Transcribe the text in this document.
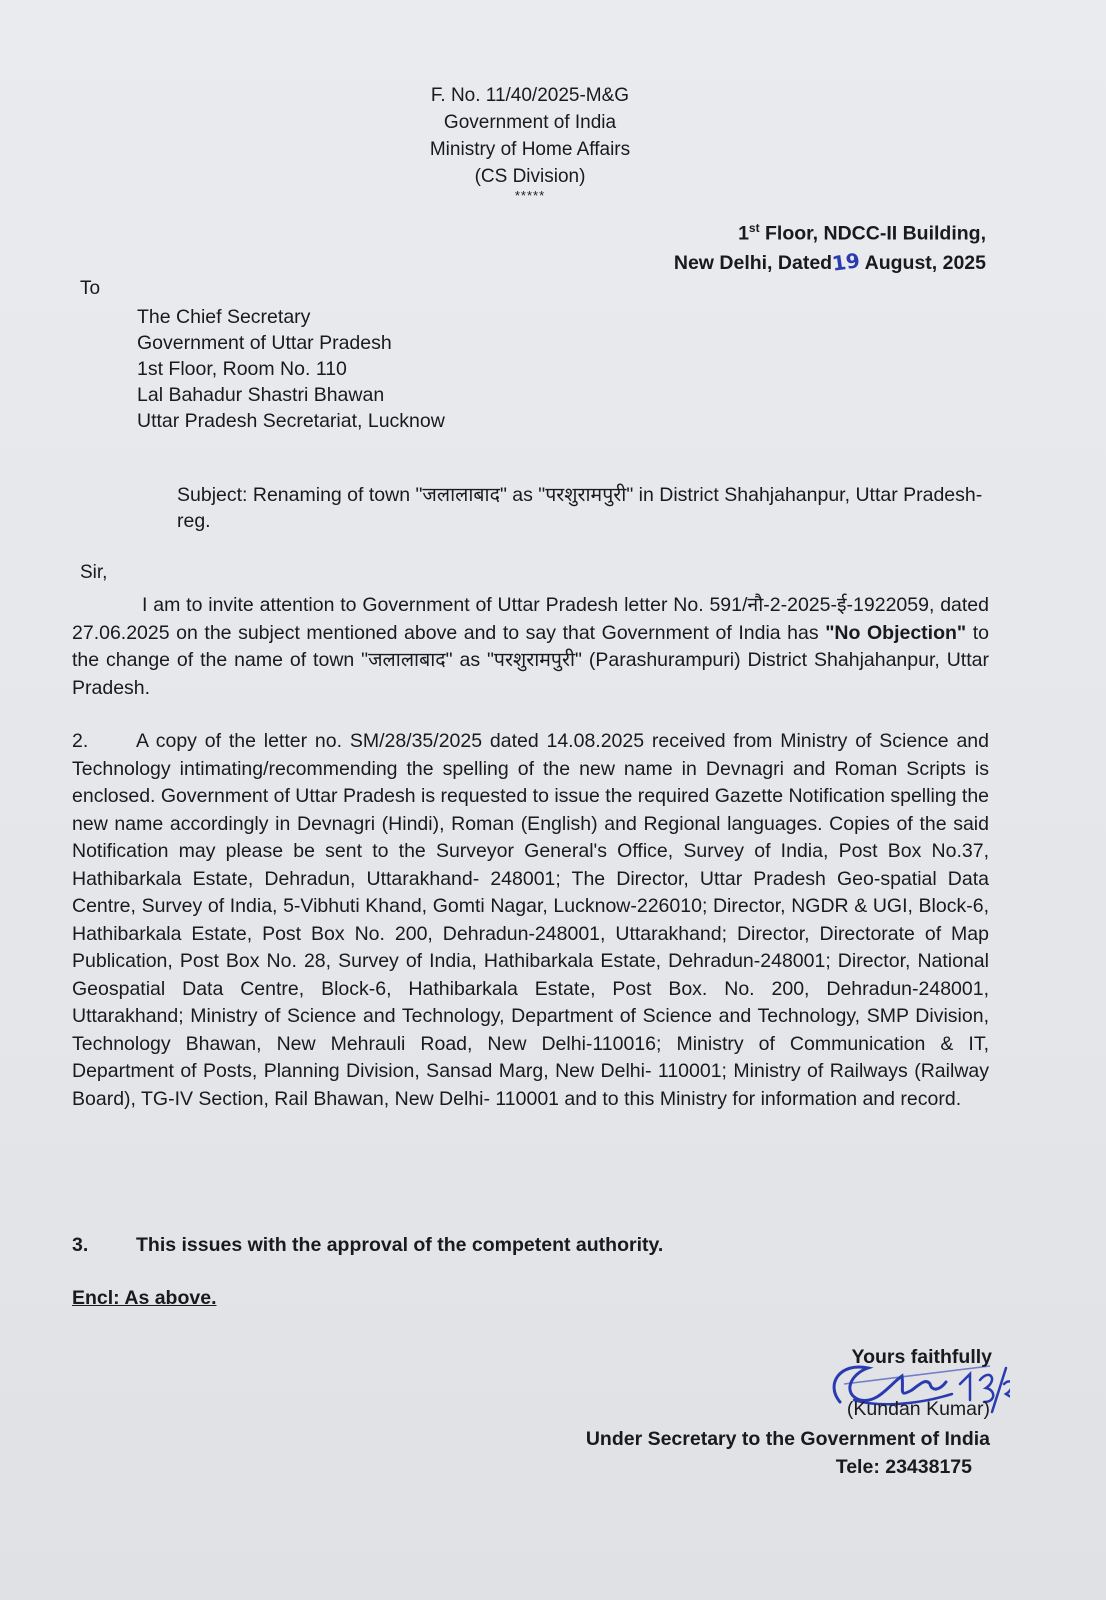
F. No. 11/40/2025-M&G
Government of India
Ministry of Home Affairs
(CS Division)
*****
1st Floor, NDCC-II Building,
New Delhi, Dated19 August, 2025
To
The Chief Secretary
Government of Uttar Pradesh
1st Floor, Room No. 110
Lal Bahadur Shastri Bhawan
Uttar Pradesh Secretariat, Lucknow
Subject: Renaming of town "जलालाबाद" as "परशुरामपुरी" in District Shahjahanpur, Uttar Pradesh-reg.
Sir,
I am to invite attention to Government of Uttar Pradesh letter No. 591/नौ-2-2025-ई-1922059, dated 27.06.2025 on the subject mentioned above and to say that Government of India has "No Objection" to the change of the name of town "जलालाबाद" as "परशुरामपुरी" (Parashurampuri) District Shahjahanpur, Uttar Pradesh.
2. A copy of the letter no. SM/28/35/2025 dated 14.08.2025 received from Ministry of Science and Technology intimating/recommending the spelling of the new name in Devnagri and Roman Scripts is enclosed. Government of Uttar Pradesh is requested to issue the required Gazette Notification spelling the new name accordingly in Devnagri (Hindi), Roman (English) and Regional languages. Copies of the said Notification may please be sent to the Surveyor General's Office, Survey of India, Post Box No.37, Hathibarkala Estate, Dehradun, Uttarakhand- 248001; The Director, Uttar Pradesh Geo-spatial Data Centre, Survey of India, 5-Vibhuti Khand, Gomti Nagar, Lucknow-226010; Director, NGDR & UGI, Block-6, Hathibarkala Estate, Post Box No. 200, Dehradun-248001, Uttarakhand; Director, Directorate of Map Publication, Post Box No. 28, Survey of India, Hathibarkala Estate, Dehradun-248001; Director, National Geospatial Data Centre, Block-6, Hathibarkala Estate, Post Box. No. 200, Dehradun-248001, Uttarakhand; Ministry of Science and Technology, Department of Science and Technology, SMP Division, Technology Bhawan, New Mehrauli Road, New Delhi-110016; Ministry of Communication & IT, Department of Posts, Planning Division, Sansad Marg, New Delhi- 110001; Ministry of Railways (Railway Board), TG-IV Section, Rail Bhawan, New Delhi- 110001 and to this Ministry for information and record.
3. This issues with the approval of the competent authority.
Encl: As above.
Yours faithfully
(Kundan Kumar)
Under Secretary to the Government of India
Tele: 23438175
